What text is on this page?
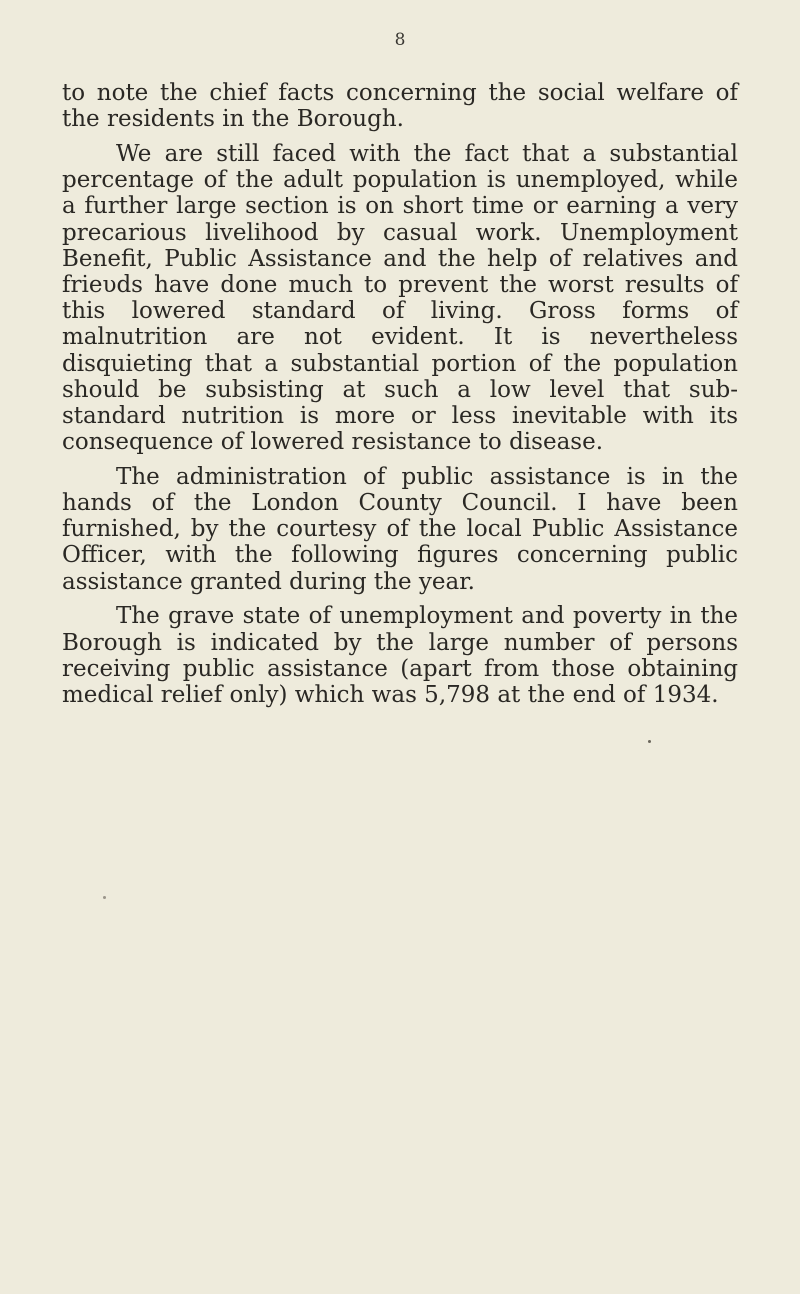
8

to note the chief facts concerning the social welfare of the residents in the Borough.

We are still faced with the fact that a substantial percentage of the adult population is unemployed, while a further large section is on short time or earning a very precarious livelihood by casual work. Unemployment Benefit, Public Assistance and the help of relatives and frieυds have done much to prevent the worst results of this lowered standard of living. Gross forms of malnutrition are not evident. It is nevertheless disquieting that a substantial portion of the population should be subsisting at such a low level that sub-standard nutrition is more or less inevitable with its consequence of lowered resistance to disease.

The administration of public assistance is in the hands of the London County Council. I have been furnished, by the courtesy of the local Public Assistance Officer, with the following figures concerning public assistance granted during the year.

The grave state of unemployment and poverty in the Borough is indicated by the large number of persons receiving public assistance (apart from those obtaining medical relief only) which was 5,798 at the end of 1934.
